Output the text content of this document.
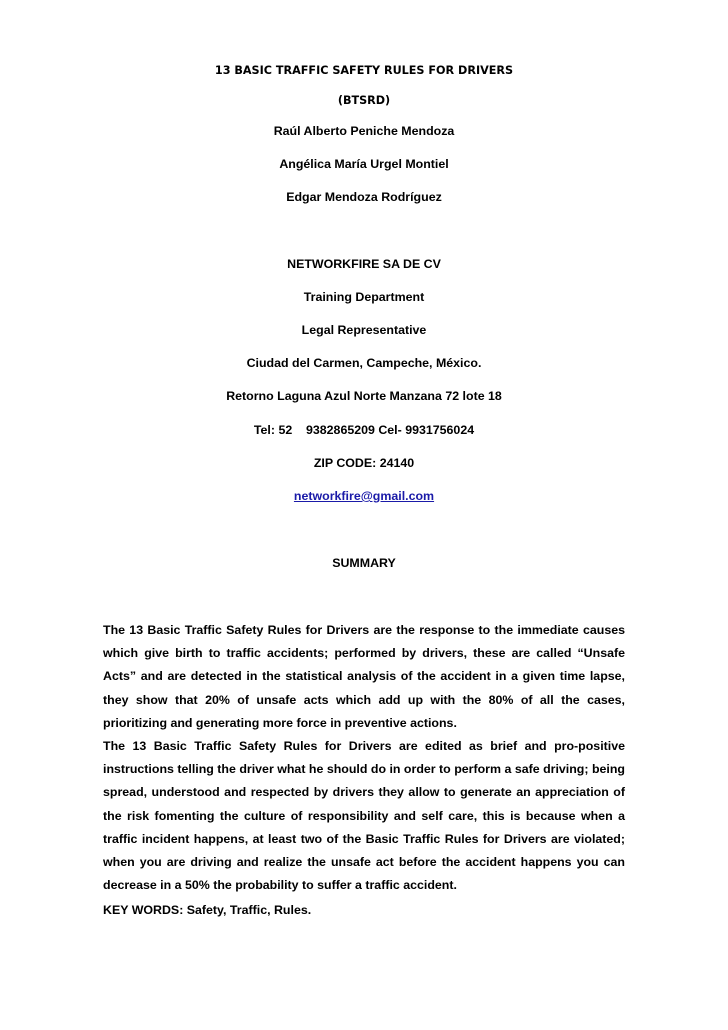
13 BASIC TRAFFIC SAFETY RULES FOR DRIVERS
(BTSRD)
Raúl Alberto Peniche Mendoza
Angélica María Urgel Montiel
Edgar Mendoza Rodríguez
NETWORKFIRE SA DE CV
Training Department
Legal Representative
Ciudad del Carmen, Campeche, México.
Retorno Laguna Azul Norte Manzana 72 lote 18
Tel: 52    9382865209 Cel- 9931756024
ZIP CODE: 24140
networkfire@gmail.com
SUMMARY
The 13 Basic Traffic Safety Rules for Drivers are the response to the immediate causes which give birth to traffic accidents; performed by drivers, these are called “Unsafe Acts” and are detected in the statistical analysis of the accident in a given time lapse, they show that 20% of unsafe acts which add up with the 80% of all the cases, prioritizing and generating more force in preventive actions.
The 13 Basic Traffic Safety Rules for Drivers are edited as brief and pro-positive instructions telling the driver what he should do in order to perform a safe driving; being spread, understood and respected by drivers they allow to generate an appreciation of the risk fomenting the culture of responsibility and self care, this is because when a traffic incident happens, at least two of the Basic Traffic Rules for Drivers are violated; when you are driving and realize the unsafe act before the accident happens you can decrease in a 50% the probability to suffer a traffic accident.
KEY WORDS: Safety, Traffic, Rules.
